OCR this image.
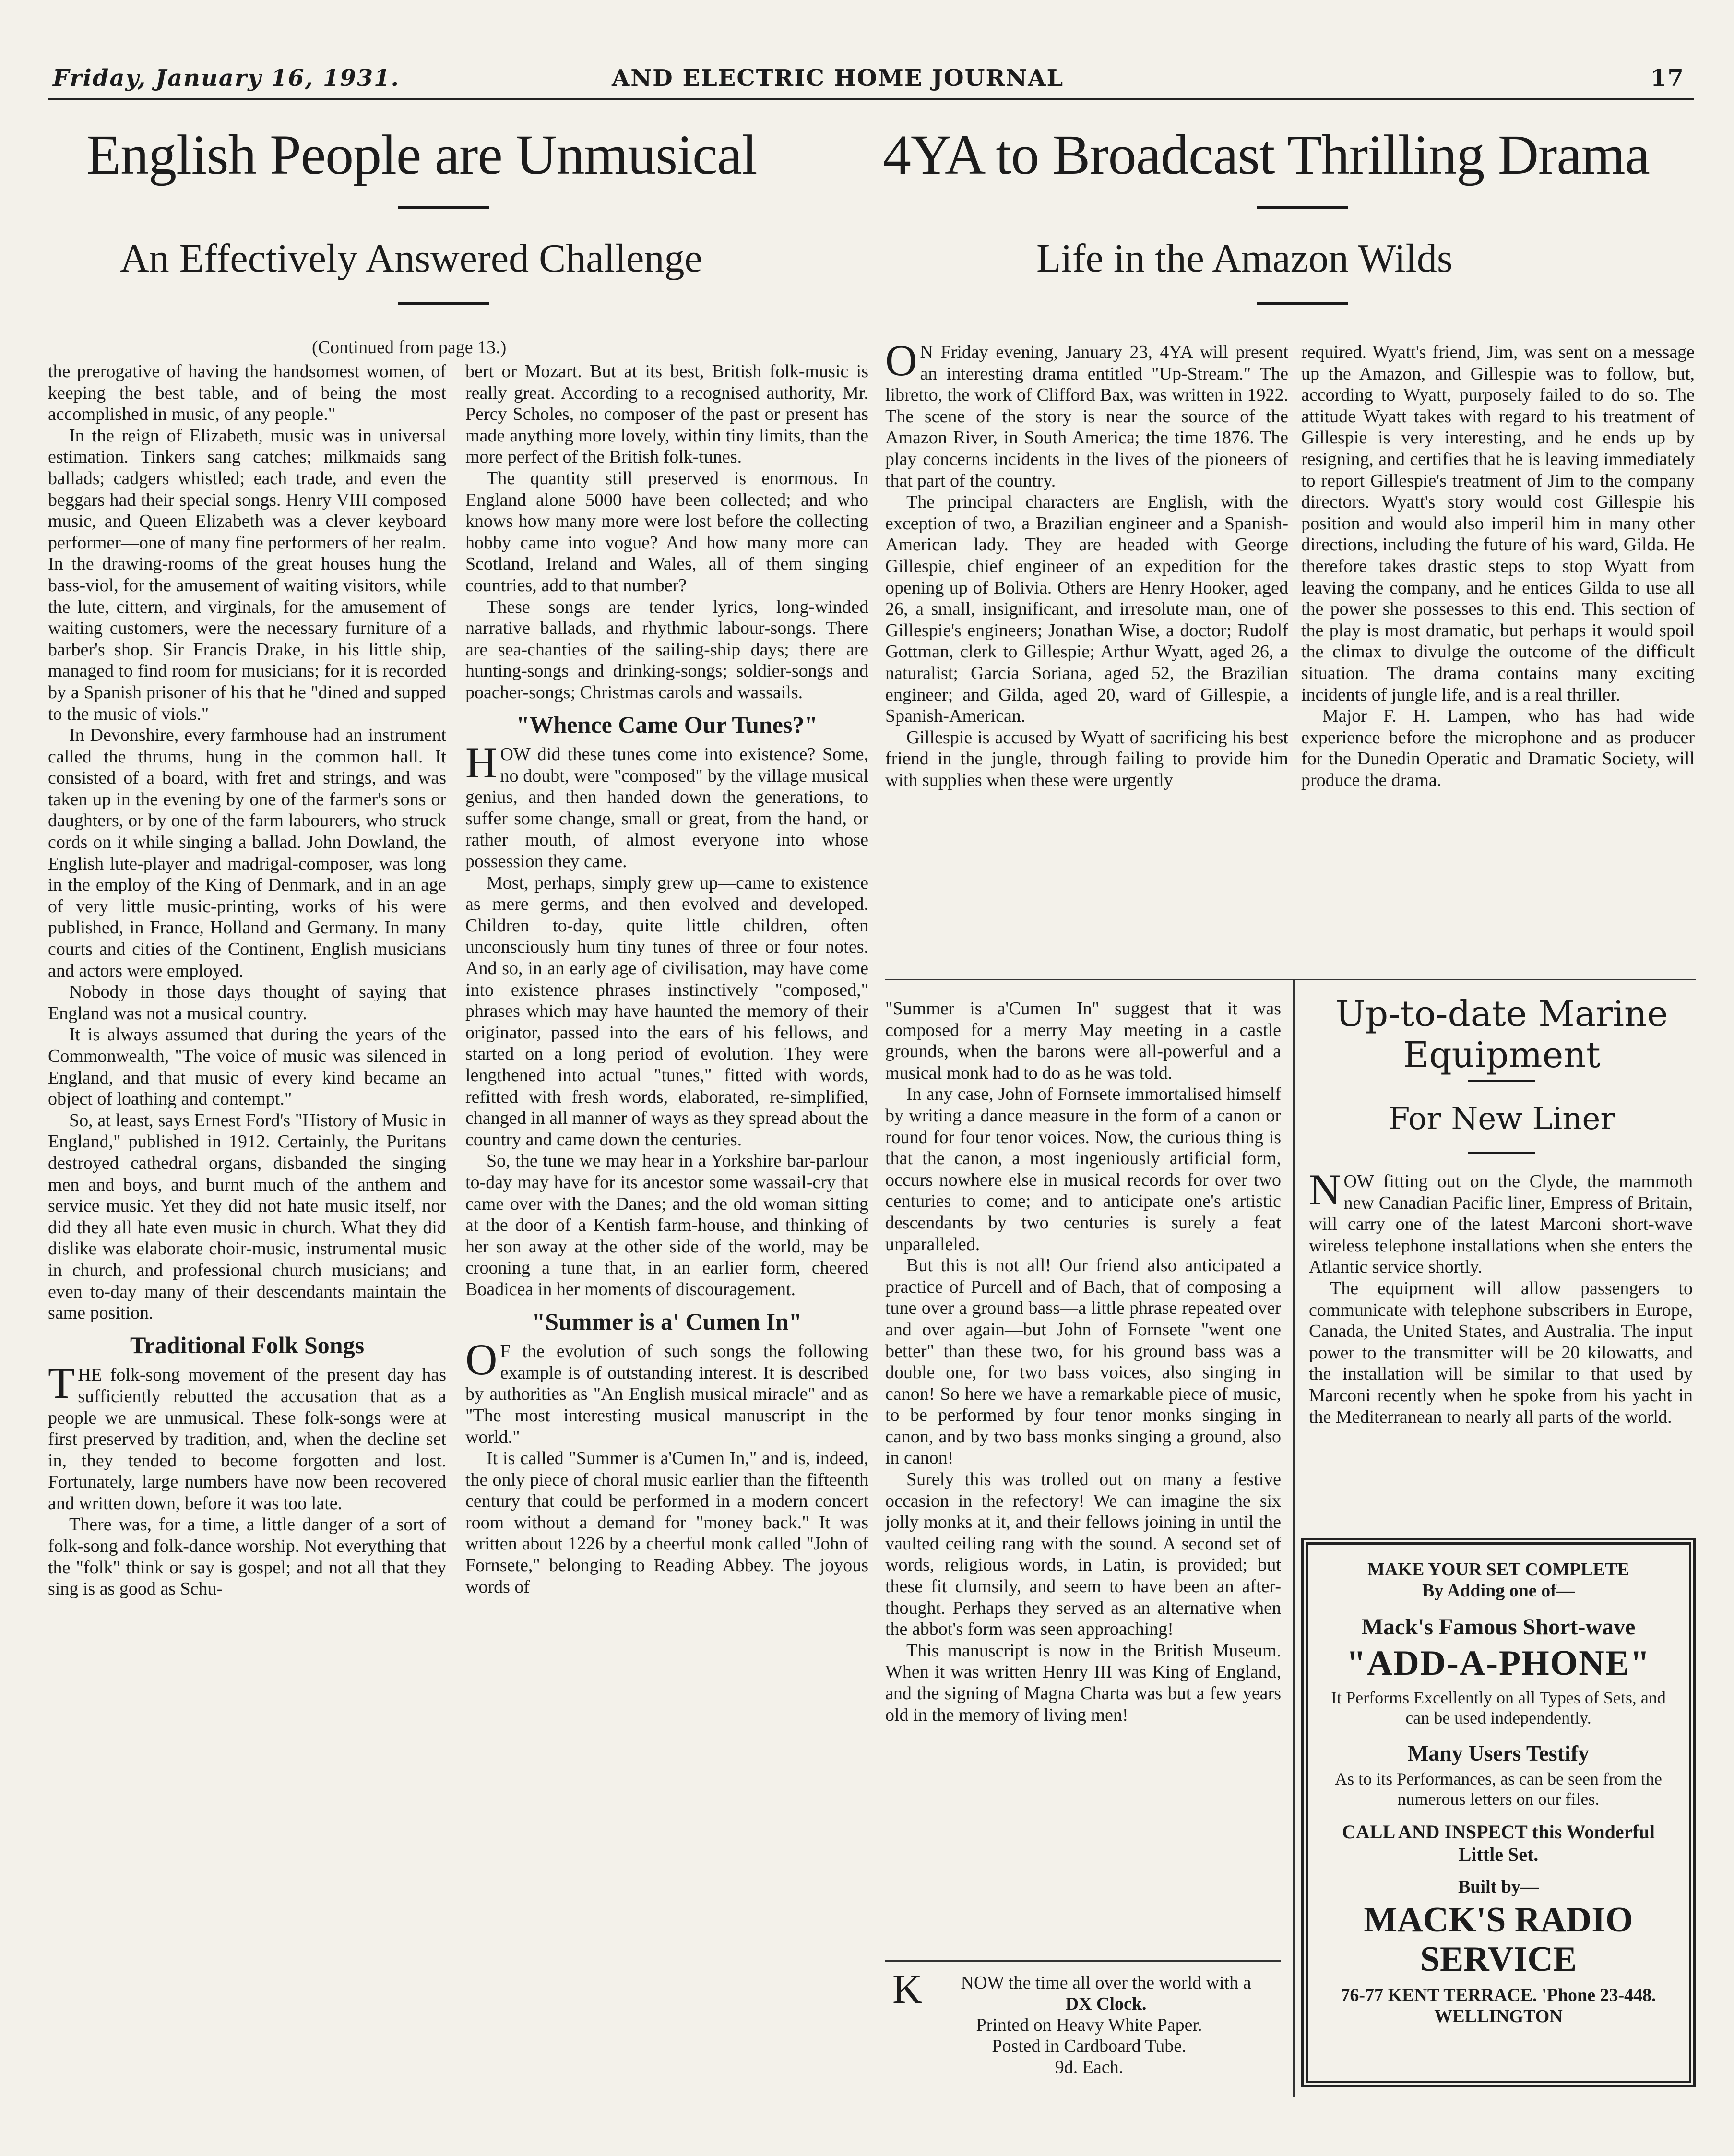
Friday, January 16, 1931.	AND ELECTRIC HOME JOURNAL	17
English People are Unmusical
An Effectively Answered Challenge
4YA to Broadcast Thrilling Drama
Life in the Amazon Wilds
(Continued from page 13.)

the prerogative of having the handsomest women, of keeping the best table, and of being the most accomplished in music, of any people."

In the reign of Elizabeth, music was in universal estimation. Tinkers sang catches; milkmaids sang ballads; cadgers whistled; each trade, and even the beggars had their special songs. Henry VIII composed music, and Queen Elizabeth was a clever keyboard performer—one of many fine performers of her realm. In the drawing-rooms of the great houses hung the bass-viol, for the amusement of waiting visitors, while the lute, cittern, and virginals, for the amusement of waiting customers, were the necessary furniture of a barber's shop. Sir Francis Drake, in his little ship, managed to find room for musicians; for it is recorded by a Spanish prisoner of his that he "dined and supped to the music of viols."

In Devonshire, every farmhouse had an instrument called the thrums, hung in the common hall. It consisted of a board, with fret and strings, and was taken up in the evening by one of the farmer's sons or daughters, or by one of the farm labourers, who struck cords on it while singing a ballad. John Dowland, the English lute-player and madrigal-composer, was long in the employ of the King of Denmark, and in an age of very little music-printing, works of his were published, in France, Holland and Germany. In many courts and cities of the Continent, English musicians and actors were employed.

Nobody in those days thought of saying that England was not a musical country.

It is always assumed that during the years of the Commonwealth, "The voice of music was silenced in England, and that music of every kind became an object of loathing and contempt."

So, at least, says Ernest Ford's "History of Music in England," published in 1912. Certainly, the Puritans destroyed cathedral organs, disbanded the singing men and boys, and burnt much of the anthem and service music. Yet they did not hate music itself, nor did they all hate even music in church. What they did dislike was elaborate choir-music, instrumental music in church, and professional church musicians; and even to-day many of their descendants maintain the same position.

Traditional Folk Songs

THE folk-song movement of the present day has sufficiently rebutted the accusation that as a people we are unmusical. These folk-songs were at first preserved by tradition, and, when the decline set in, they tended to become forgotten and lost. Fortunately, large numbers have now been recovered and written down, before it was too late.

There was, for a time, a little danger of a sort of folk-song and folk-dance worship. Not everything that the "folk" think or say is gospel; and not all that they sing is as good as Schu-

bert or Mozart. But at its best, British folk-music is really great. According to a recognised authority, Mr. Percy Scholes, no composer of the past or present has made anything more lovely, within tiny limits, than the more perfect of the British folk-tunes.

The quantity still preserved is enormous. In England alone 5000 have been collected; and who knows how many more were lost before the collecting hobby came into vogue? And how many more can Scotland, Ireland and Wales, all of them singing countries, add to that number?

These songs are tender lyrics, long-winded narrative ballads, and rhythmic labour-songs. There are sea-chanties of the sailing-ship days; there are hunting-songs and drinking-songs; soldier-songs and poacher-songs; Christmas carols and wassails.

"Whence Came Our Tunes?"

HOW did these tunes come into existence? Some, no doubt, were "composed" by the village musical genius, and then handed down the generations, to suffer some change, small or great, from the hand, or rather mouth, of almost everyone into whose possession they came.

Most, perhaps, simply grew up—came to existence as mere germs, and then evolved and developed. Children to-day, quite little children, often unconsciously hum tiny tunes of three or four notes. And so, in an early age of civilisation, may have come into existence phrases instinctively "composed," phrases which may have haunted the memory of their originator, passed into the ears of his fellows, and started on a long period of evolution. They were lengthened into actual "tunes," fitted with words, refitted with fresh words, elaborated, re-simplified, changed in all manner of ways as they spread about the country and came down the centuries.

So, the tune we may hear in a Yorkshire bar-parlour to-day may have for its ancestor some wassail-cry that came over with the Danes; and the old woman sitting at the door of a Kentish farm-house, and thinking of her son away at the other side of the world, may be crooning a tune that, in an earlier form, cheered Boadicea in her moments of discouragement.

"Summer is a' Cumen In"

OF the evolution of such songs the following example is of outstanding interest. It is described by authorities as "An English musical miracle" and as "The most interesting musical manuscript in the world."

It is called "Summer is a'Cumen In," and is, indeed, the only piece of choral music earlier than the fifteenth century that could be performed in a modern concert room without a demand for "money back." It was written about 1226 by a cheerful monk called "John of Fornsete," belonging to Reading Abbey. The joyous words of

ON Friday evening, January 23, 4YA will present an interesting drama entitled "Up-Stream." The libretto, the work of Clifford Bax, was written in 1922. The scene of the story is near the source of the Amazon River, in South America; the time 1876. The play concerns incidents in the lives of the pioneers of that part of the country.

The principal characters are English, with the exception of two, a Brazilian engineer and a Spanish-American lady. They are headed with George Gillespie, chief engineer of an expedition for the opening up of Bolivia. Others are Henry Hooker, aged 26, a small, insignificant, and irresolute man, one of Gillespie's engineers; Jonathan Wise, a doctor; Rudolf Gottman, clerk to Gillespie; Arthur Wyatt, aged 26, a naturalist; Garcia Soriana, aged 52, the Brazilian engineer; and Gilda, aged 20, ward of Gillespie, a Spanish-American.

Gillespie is accused by Wyatt of sacrificing his best friend in the jungle, through failing to provide him with supplies when these were urgently

required. Wyatt's friend, Jim, was sent on a message up the Amazon, and Gillespie was to follow, but, according to Wyatt, purposely failed to do so. The attitude Wyatt takes with regard to his treatment of Gillespie is very interesting, and he ends up by resigning, and certifies that he is leaving immediately to report Gillespie's treatment of Jim to the company directors. Wyatt's story would cost Gillespie his position and would also imperil him in many other directions, including the future of his ward, Gilda. He therefore takes drastic steps to stop Wyatt from leaving the company, and he entices Gilda to use all the power she possesses to this end. This section of the play is most dramatic, but perhaps it would spoil the climax to divulge the outcome of the difficult situation. The drama contains many exciting incidents of jungle life, and is a real thriller.

Major F. H. Lampen, who has had wide experience before the microphone and as producer for the Dunedin Operatic and Dramatic Society, will produce the drama.

"Summer is a'Cumen In" suggest that it was composed for a merry May meeting in a castle grounds, when the barons were all-powerful and a musical monk had to do as he was told.

In any case, John of Fornsete immortalised himself by writing a dance measure in the form of a canon or round for four tenor voices. Now, the curious thing is that the canon, a most ingeniously artificial form, occurs nowhere else in musical records for over two centuries to come; and to anticipate one's artistic descendants by two centuries is surely a feat unparalleled.

But this is not all! Our friend also anticipated a practice of Purcell and of Bach, that of composing a tune over a ground bass—a little phrase repeated over and over again—but John of Fornsete "went one better" than these two, for his ground bass was a double one, for two bass voices, also singing in canon! So here we have a remarkable piece of music, to be performed by four tenor monks singing in canon, and by two bass monks singing a ground, also in canon!

Surely this was trolled out on many a festive occasion in the refectory! We can imagine the six jolly monks at it, and their fellows joining in until the vaulted ceiling rang with the sound. A second set of words, religious words, in Latin, is provided; but these fit clumsily, and seem to have been an after-thought. Perhaps they served as an alternative when the abbot's form was seen approaching!

This manuscript is now in the British Museum. When it was written Henry III was King of England, and the signing of Magna Charta was but a few years old in the memory of living men!

K	NOW the time all over the world with a
DX Clock.
Printed on Heavy White Paper.
Posted in Cardboard Tube.
9d. Each.
Up-to-date Marine Equipment
For New Liner

NOW fitting out on the Clyde, the mammoth new Canadian Pacific liner, Empress of Britain, will carry one of the latest Marconi short-wave wireless telephone installations when she enters the Atlantic service shortly.

The equipment will allow passengers to communicate with telephone subscribers in Europe, Canada, the United States, and Australia. The input power to the transmitter will be 20 kilowatts, and the installation will be similar to that used by Marconi recently when he spoke from his yacht in the Mediterranean to nearly all parts of the world.

MAKE YOUR SET COMPLETE
By Adding one of—
Mack's Famous Short-wave
"ADD-A-PHONE"
It Performs Excellently on all Types of Sets, and can be used independently.
Many Users Testify
As to its Performances, as can be seen from the numerous letters on our files.
CALL AND INSPECT this Wonderful Little Set.
Built by—
MACK'S RADIO SERVICE
76-77 KENT TERRACE. 'Phone 23-448. WELLINGTON
